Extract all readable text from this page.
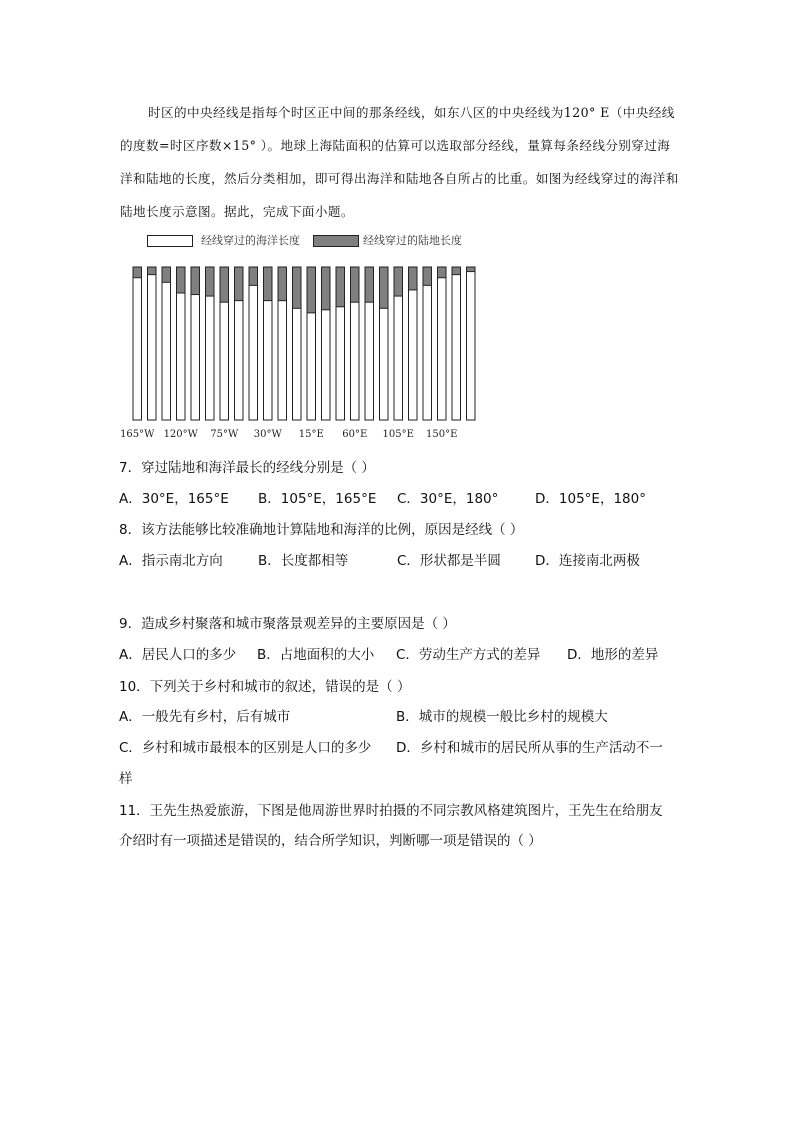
时区的中央经线是指每个时区正中间的那条经线，如东八区的中央经线为120° E（中央经线的度数=时区序数×15° ）。地球上海陆面积的估算可以选取部分经线，量算每条经线分别穿过海洋和陆地的长度，然后分类相加，即可得出海洋和陆地各自所占的比重。如图为经线穿过的海洋和陆地长度示意图。据此，完成下面小题。
经线穿过的海洋长度	经线穿过的陆地长度
165°W 120°W 75°W 30°W 15°E 60°E 105°E 150°E
7．穿过陆地和海洋最长的经线分别是（ ）
A．30°E，165°E B．105°E，165°E C．30°E，180°	D．105°E，180°
8．该方法能够比较准确地计算陆地和海洋的比例，原因是经线（ ）
A．指示南北方向	B．长度都相等	C．形状都是半圆	D．连接南北两极
9．造成乡村聚落和城市聚落景观差异的主要原因是（ ）
A．居民人口的多少 B．占地面积的大小 C．劳动生产方式的差异 D．地形的差异
10．下列关于乡村和城市的叙述，错误的是（ ）
A．一般先有乡村，后有城市	B．城市的规模一般比乡村的规模大
C．乡村和城市最根本的区别是人口的多少 D．乡村和城市的居民所从事的生产活动不一
样
11．王先生热爱旅游，下图是他周游世界时拍摄的不同宗教风格建筑图片，王先生在给朋友
介绍时有一项描述是错误的，结合所学知识，判断哪一项是错误的（ ）
